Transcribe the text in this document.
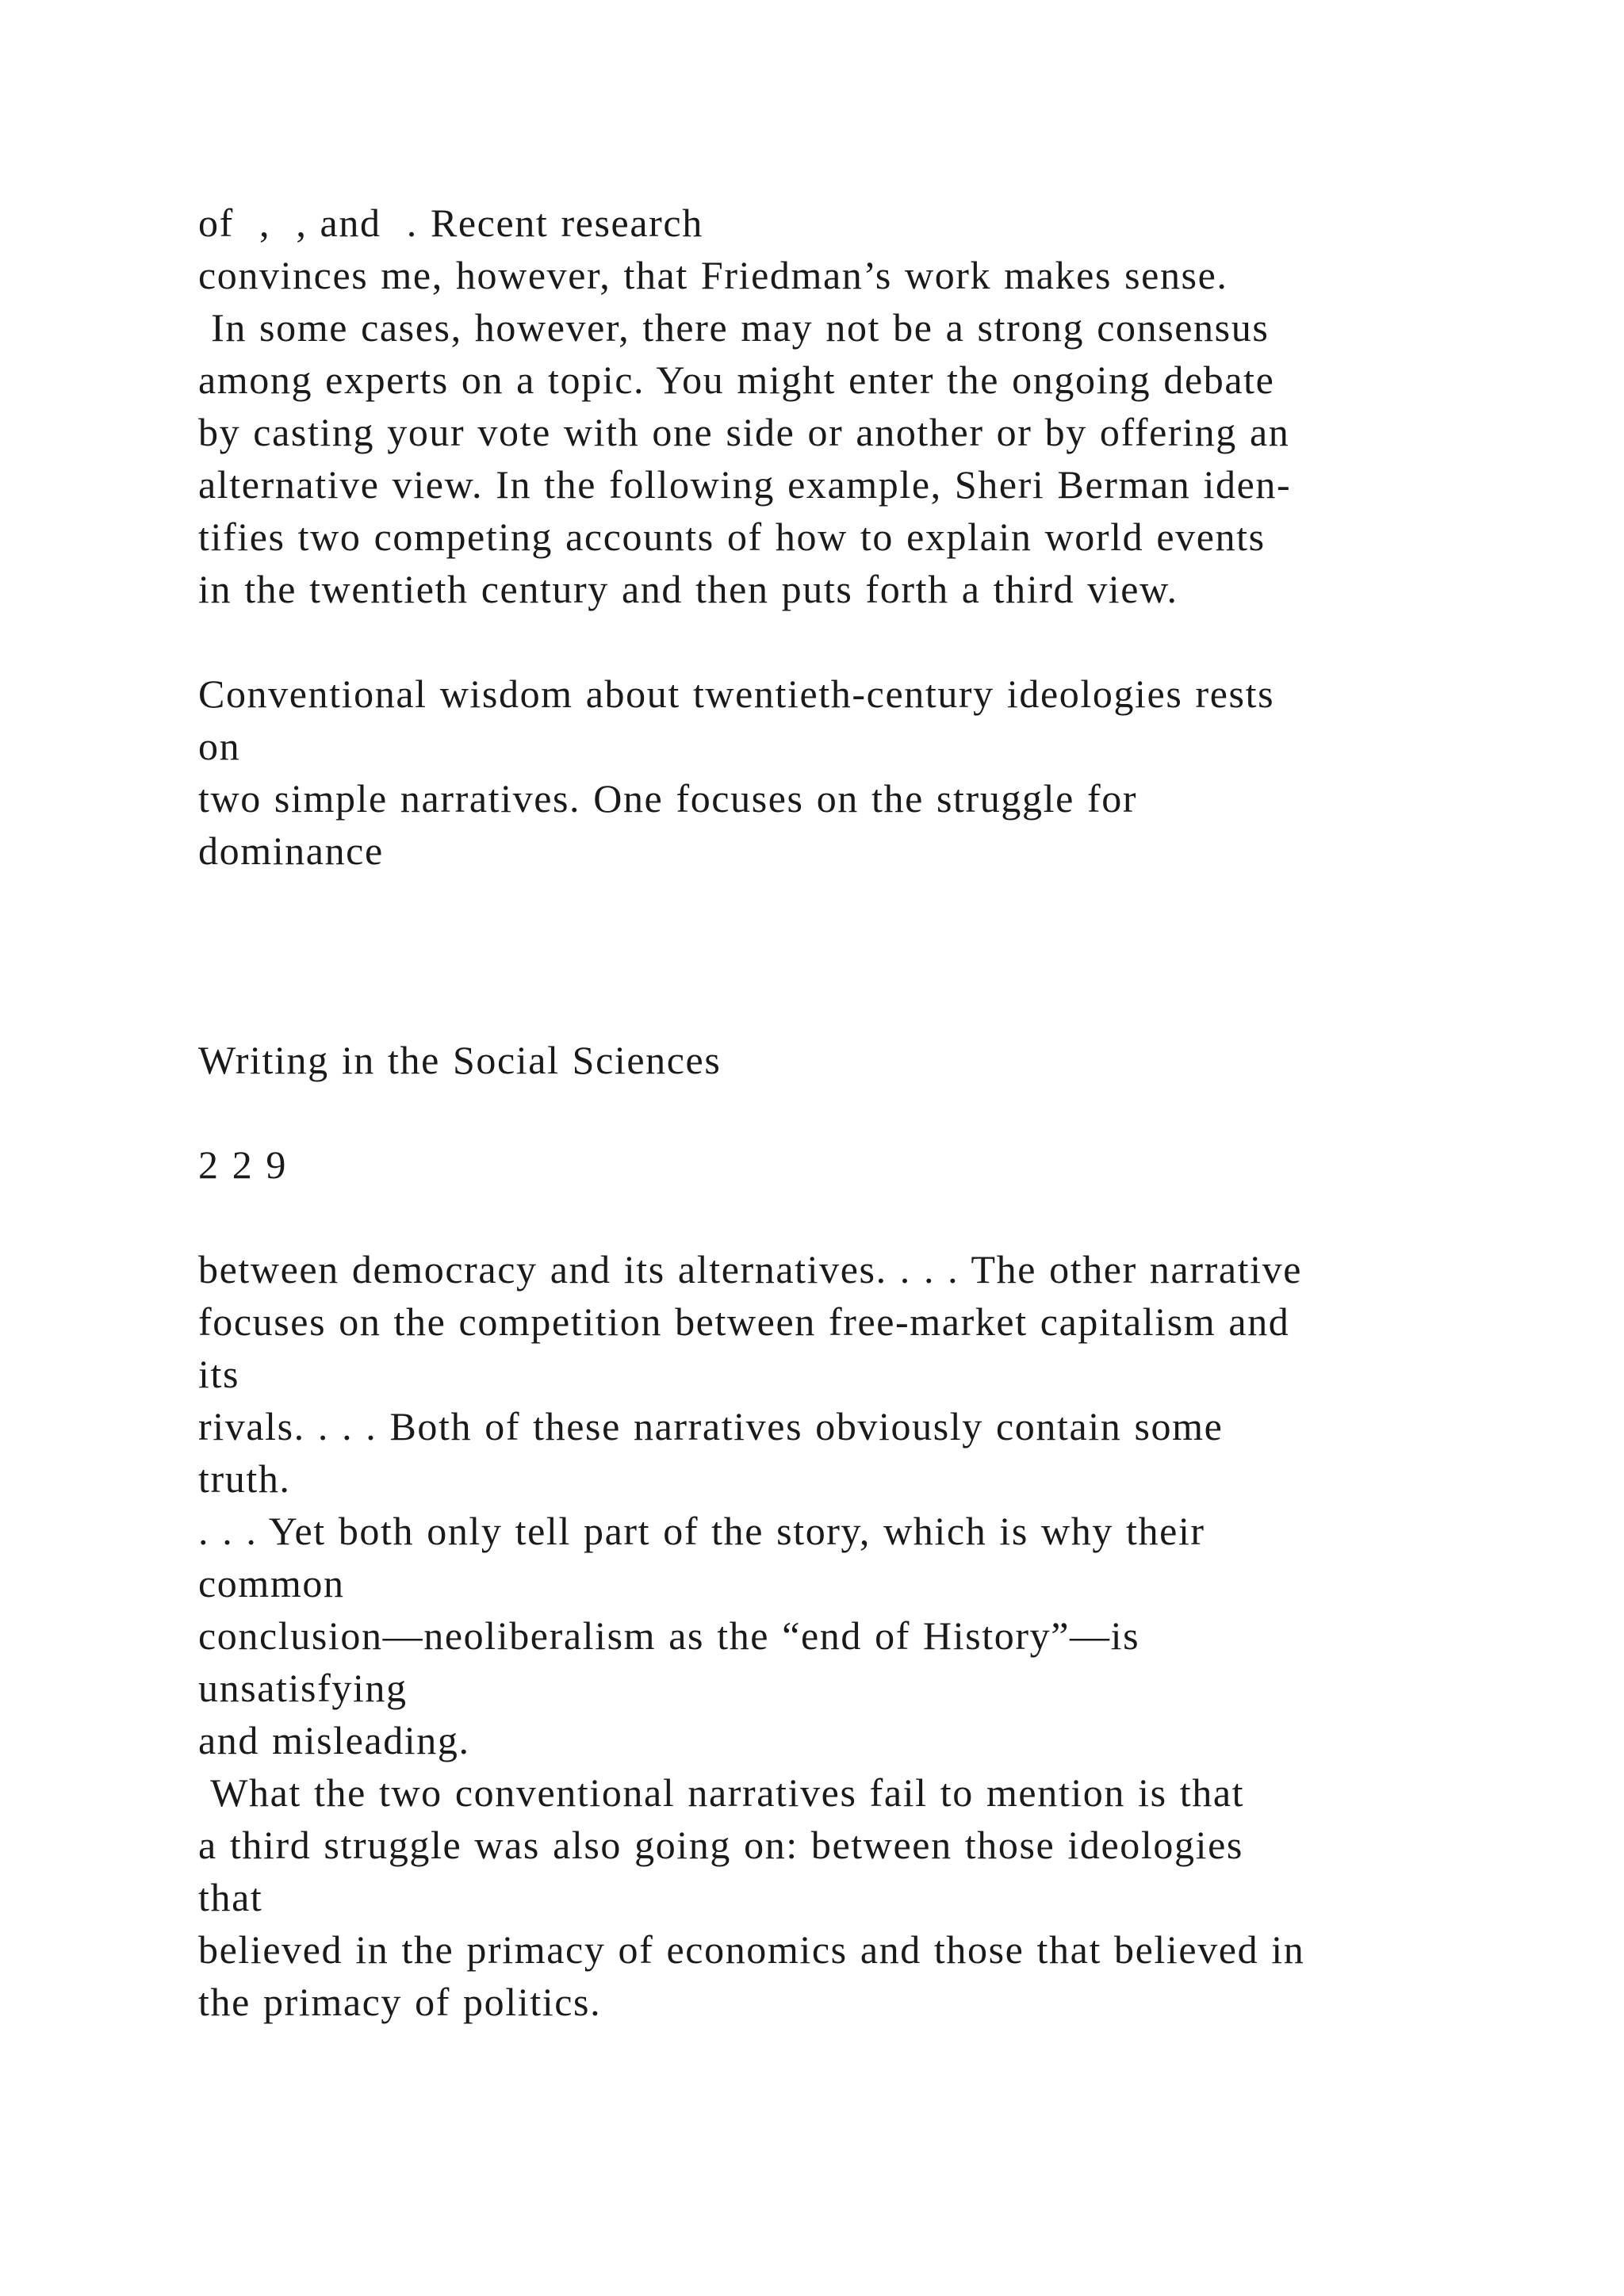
of  ,  , and  . Recent research
convinces me, however, that Friedman’s work makes sense.
In some cases, however, there may not be a strong consensus
among experts on a topic. You might enter the ongoing debate
by casting your vote with one side or another or by offering an
alternative view. In the following example, Sheri Berman iden-
tifies two competing accounts of how to explain world events
in the twentieth century and then puts forth a third view.
Conventional wisdom about twentieth-century ideologies rests
on
two simple narratives. One focuses on the struggle for
dominance
Writing in the Social Sciences
2 2 9
between democracy and its alternatives. . . . The other narrative
focuses on the competition between free-market capitalism and
its
rivals. . . . Both of these narratives obviously contain some
truth.
. . . Yet both only tell part of the story, which is why their
common
conclusion—neoliberalism as the “end of History”—is
unsatisfying
and misleading.
What the two conventional narratives fail to mention is that
a third struggle was also going on: between those ideologies
that
believed in the primacy of economics and those that believed in
the primacy of politics.
